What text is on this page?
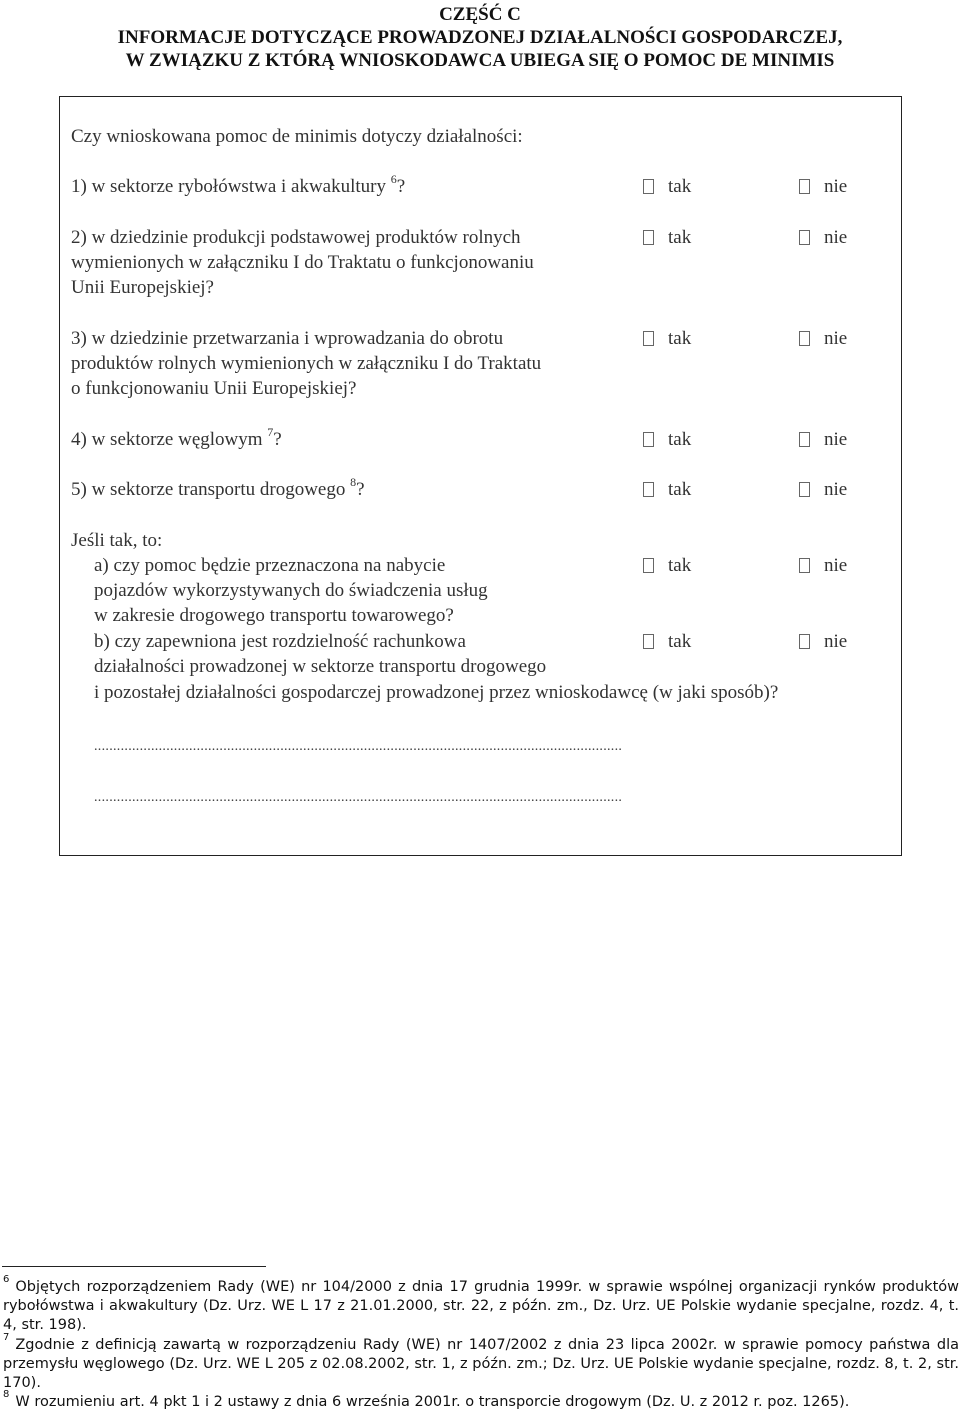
CZĘŚĆ C
INFORMACJE DOTYCZĄCE PROWADZONEJ DZIAŁALNOŚCI GOSPODARCZEJ,
W ZWIĄZKU Z KTÓRĄ WNIOSKODAWCA UBIEGA SIĘ O POMOC DE MINIMIS
Czy wnioskowana pomoc de minimis dotyczy działalności:
1) w sektorze rybołówstwa i akwakultury $^6$?	tak	nie
2) w dziedzinie produkcji podstawowej produktów rolnych
wymienionych w załączniku I do Traktatu o funkcjonowaniu
Unii Europejskiej?
tak	nie
3) w dziedzinie przetwarzania i wprowadzania do obrotu
produktów rolnych wymienionych w załączniku I do Traktatu
o funkcjonowaniu Unii Europejskiej?
tak	nie
4) w sektorze węglowym $^7$?	tak	nie
5) w sektorze transportu drogowego $^8$?	tak	nie
Jeśli tak, to:
a) czy pomoc będzie przeznaczona na nabycie
pojazdów wykorzystywanych do świadczenia usług
w zakresie drogowego transportu towarowego?
tak	nie
b) czy zapewniona jest rozdzielność rachunkowa
działalności prowadzonej w sektorze transportu drogowego
i pozostałej działalności gospodarczej prowadzonej przez wnioskodawcę (w jaki sposób)?
tak	nie
...........................................................................................................................................
...........................................................................................................................................
$^6$ Objętych rozporządzeniem Rady (WE) nr 104/2000 z dnia 17 grudnia 1999r. w sprawie wspólnej organizacji rynków produktów rybołówstwa i akwakultury (Dz. Urz. WE L 17 z 21.01.2000, str. 22, z późn. zm., Dz. Urz. UE Polskie wydanie specjalne, rozdz. 4, t. 4, str. 198).
$^7$ Zgodnie z definicją zawartą w rozporządzeniu Rady (WE) nr 1407/2002 z dnia 23 lipca 2002r. w sprawie pomocy państwa dla przemysłu węglowego (Dz. Urz. WE L 205 z 02.08.2002, str. 1, z późn. zm.; Dz. Urz. UE Polskie wydanie specjalne, rozdz. 8, t. 2, str. 170).
$^8$ W rozumieniu art. 4 pkt 1 i 2 ustawy z dnia 6 września 2001r. o transporcie drogowym (Dz. U. z 2012 r. poz. 1265).
